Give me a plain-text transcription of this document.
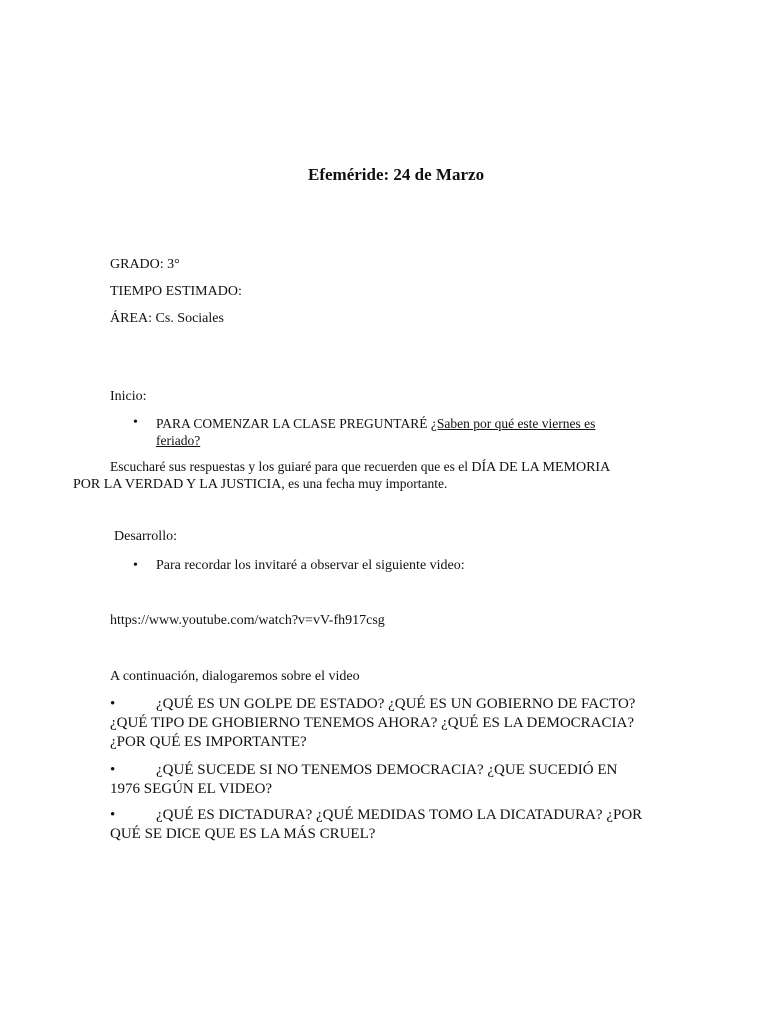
Efeméride: 24 de Marzo
GRADO: 3°
TIEMPO ESTIMADO:
ÁREA: Cs. Sociales
Inicio:
• PARA COMENZAR LA CLASE PREGUNTARÉ ¿Saben por qué este viernes es
feriado?
Escucharé sus respuestas y los guiaré para que recuerden que es el DÍA DE LA MEMORIA
POR LA VERDAD Y LA JUSTICIA, es una fecha muy importante.
Desarrollo:
• Para recordar los invitaré a observar el siguiente video:
https://www.youtube.com/watch?v=vV-fh917csg
A continuación, dialogaremos sobre el video
•	¿QUÉ ES UN GOLPE DE ESTADO? ¿QUÉ ES UN GOBIERNO DE FACTO?
¿QUÉ TIPO DE GHOBIERNO TENEMOS AHORA? ¿QUÉ ES LA DEMOCRACIA?
¿POR QUÉ ES IMPORTANTE?
•	¿QUÉ SUCEDE SI NO TENEMOS DEMOCRACIA? ¿QUE SUCEDIÓ EN
1976 SEGÚN EL VIDEO?
•	¿QUÉ ES DICTADURA? ¿QUÉ MEDIDAS TOMO LA DICATADURA? ¿POR
QUÉ SE DICE QUE ES LA MÁS CRUEL?
